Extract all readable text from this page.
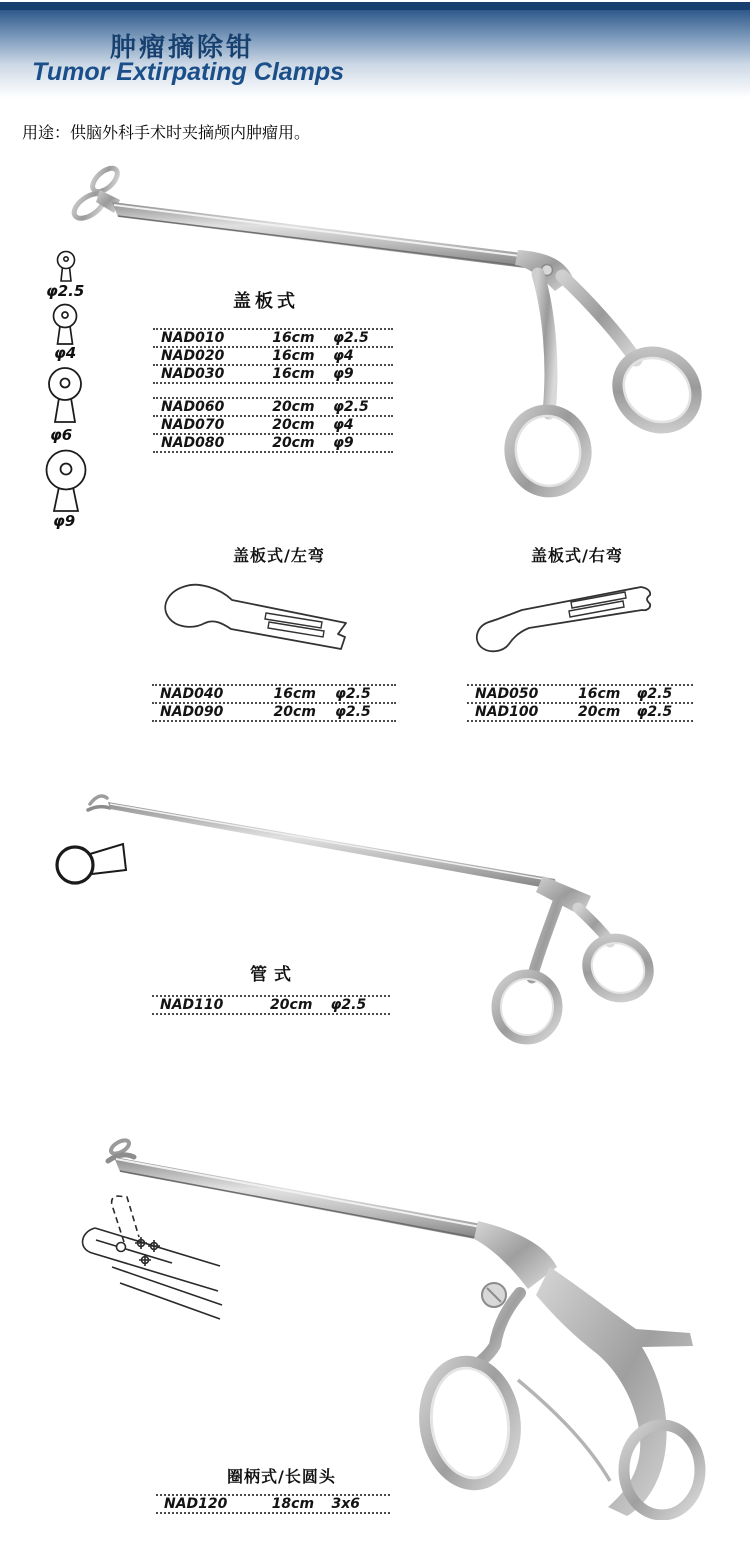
肿瘤摘除钳
Tumor Extirpating Clamps
用途：供脑外科手术时夹摘颅内肿瘤用。
φ2.5
φ4
φ6
φ9
盖板式
NAD010	16cm	φ2.5
NAD020	16cm	φ4
NAD030	16cm	φ9
NAD060	20cm	φ2.5
NAD070	20cm	φ4
NAD080	20cm	φ9
盖板式/左弯	盖板式/右弯
NAD040	16cm	φ2.5
NAD090	20cm	φ2.5
NAD050	16cm	φ2.5
NAD100	20cm	φ2.5
管式
NAD110	20cm	φ2.5
圈柄式/长圆头
NAD120	18cm	3x6
